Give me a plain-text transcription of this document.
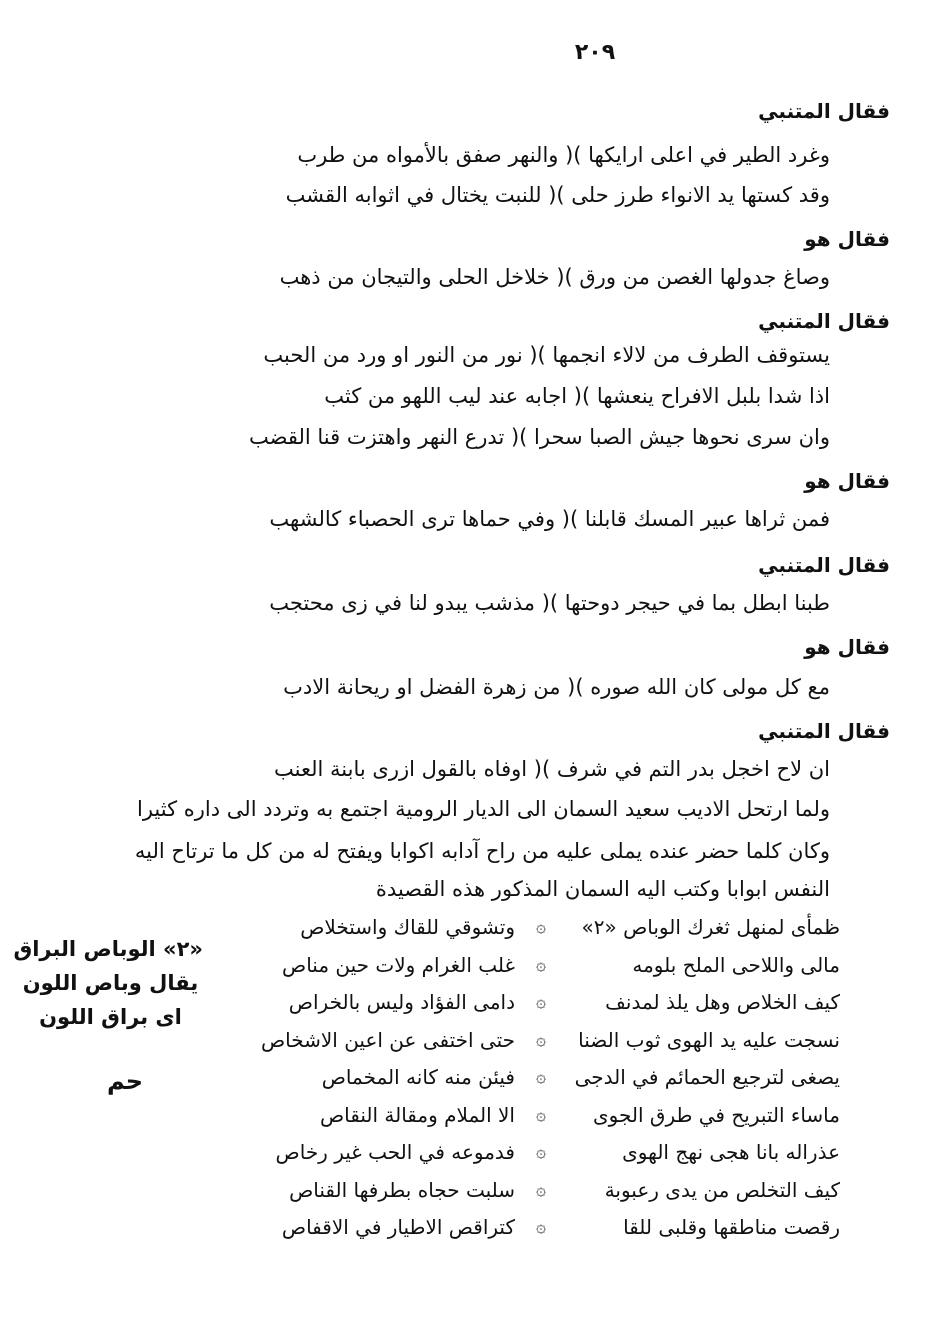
٢٠٩
فقال المتنبي
وغرد الطير في اعلى ارايكها )( والنهر صفق بالأمواه من طرب
وقد كستها يد الانواء طرز حلى )( للنبت يختال في اثوابه القشب
فقال هو
وصاغ جدولها الغصن من ورق )( خلاخل الحلى والتيجان من ذهب
فقال المتنبي
يستوقف الطرف من لالاء انجمها )( نور من النور او ورد من الحبب
اذا شدا بلبل الافراح ينعشها )( اجابه عند ليب اللهو من كثب
وان سرى نحوها جيش الصبا سحرا )( تدرع النهر واهتزت قنا القضب
فقال هو
فمن ثراها عبير المسك قابلنا )( وفي حماها ترى الحصباء كالشهب
فقال المتنبي
طبنا ابطل بما في حيجر دوحتها )( مذشب يبدو لنا في زى محتجب
فقال هو
مع كل مولى كان الله صوره )( من زهرة الفضل او ريحانة الادب
فقال المتنبي
ان لاح اخجل بدر التم في شرف )( اوفاه بالقول ازرى بابنة العنب
ولما ارتحل الاديب سعيد السمان الى الديار الرومية اجتمع به وتردد الى داره كثيرا
وكان كلما حضر عنده يملى عليه من راح آدابه اكوابا ويفتح له من كل ما ترتاح اليه
النفس ابوابا وكتب اليه السمان المذكور هذه القصيدة
ظمأى لمنهل ثغرك الوباص «٢»
۞
وتشوقي للقاك واستخلاص
مالى واللاحى الملح بلومه
۞
غلب الغرام ولات حين مناص
كيف الخلاص وهل يلذ لمدنف
۞
دامى الفؤاد وليس بالخراص
نسجت عليه يد الهوى ثوب الضنا
۞
حتى اختفى عن اعين الاشخاص
يصغى لترجيع الحمائم في الدجى
۞
فيئن منه كانه المخماص
ماساء التبريح في طرق الجوى
۞
الا الملام ومقالة النقاص
عذراله بانا هجى نهج الهوى
۞
فدموعه في الحب غير رخاص
كيف التخلص من يدى رعبوبة
۞
سلبت حجاه بطرفها القناص
رقصت مناطقها وقلبى للقا
۞
كتراقص الاطيار في الاقفاص
«٢» الوباص البراق
يقال وباص اللون
اى براق اللون
حم
